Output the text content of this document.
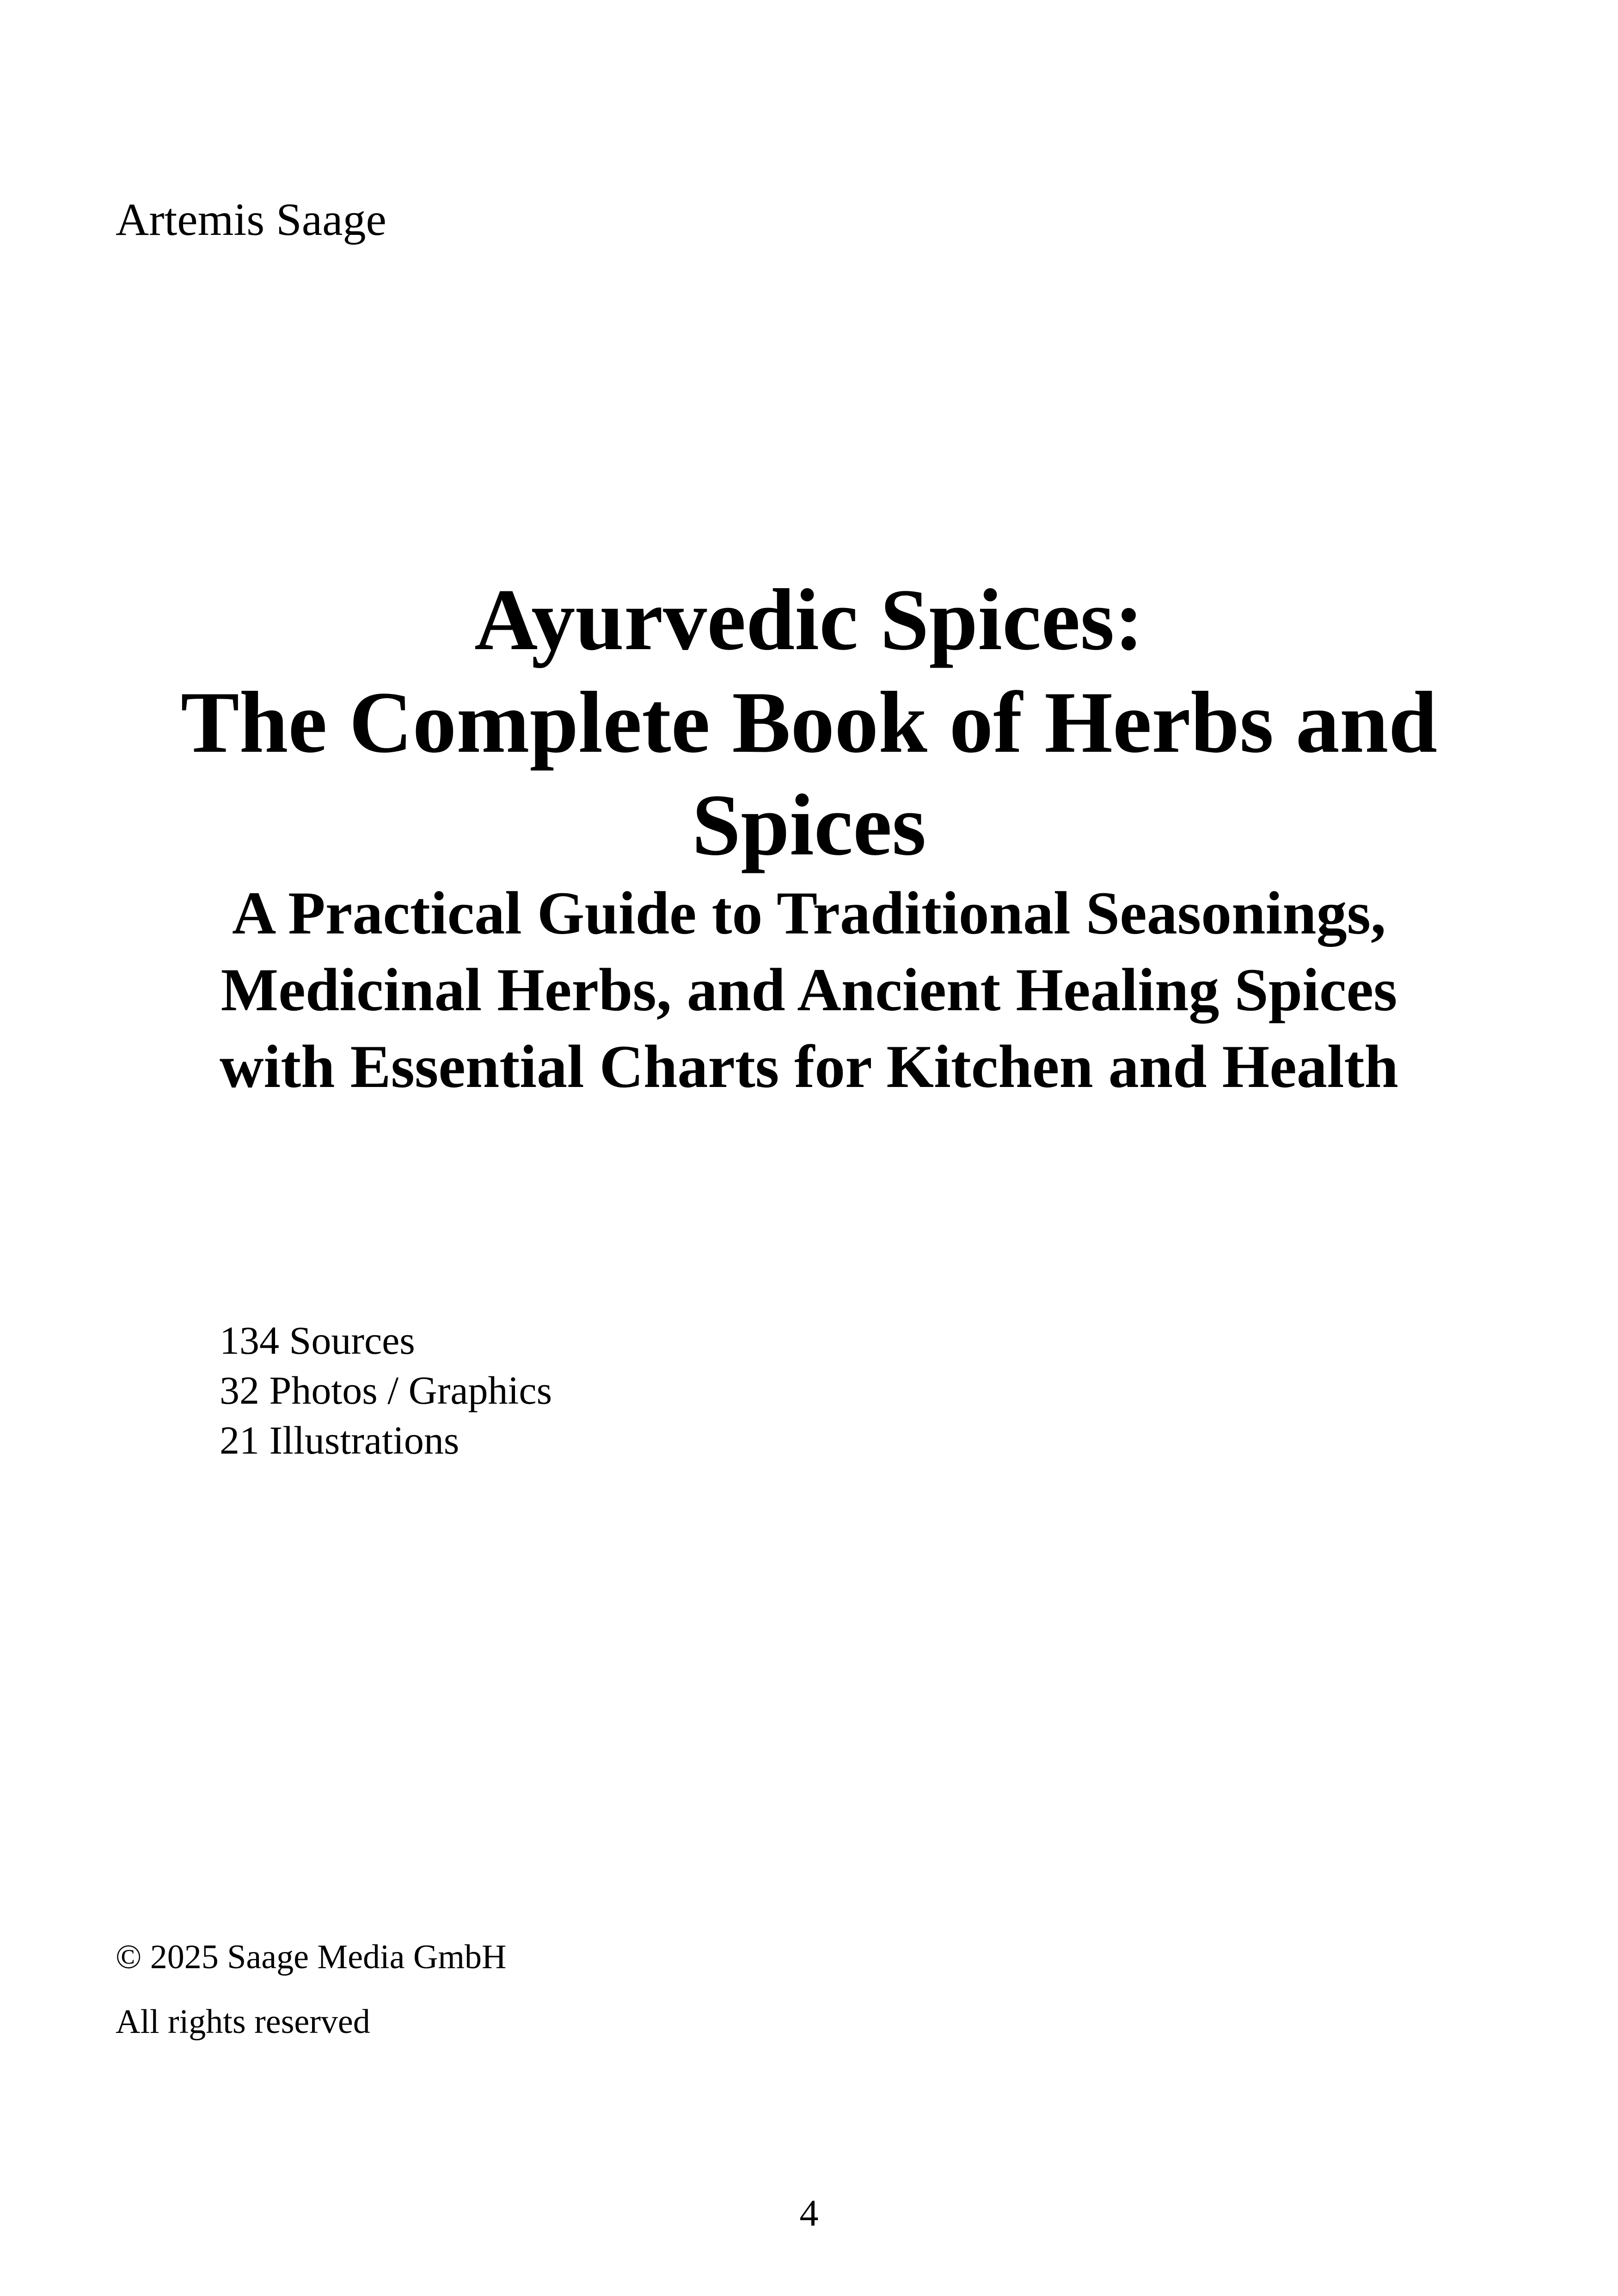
Artemis Saage
Ayurvedic Spices:
The Complete Book of Herbs and
Spices
A Practical Guide to Traditional Seasonings,
Medicinal Herbs, and Ancient Healing Spices
with Essential Charts for Kitchen and Health
134 Sources
32 Photos / Graphics
21 Illustrations
© 2025 Saage Media GmbH
All rights reserved
4
